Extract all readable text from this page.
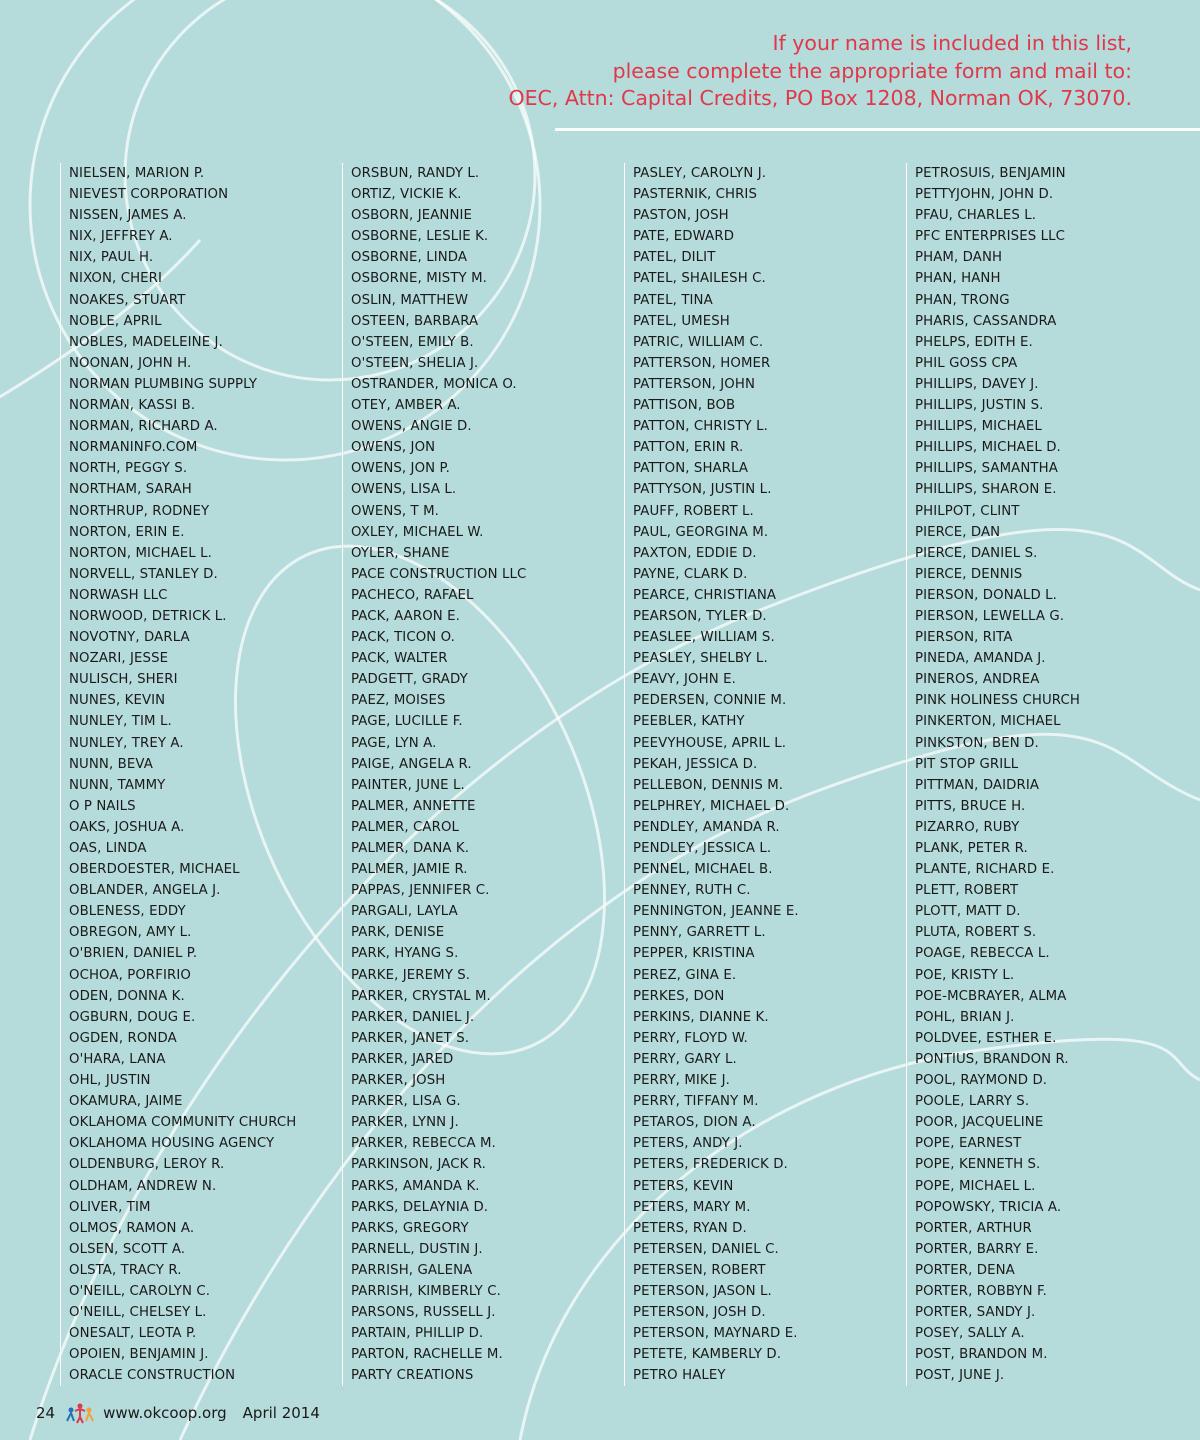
If your name is included in this list,
please complete the appropriate form and mail to:
OEC, Attn: Capital Credits, PO Box 1208, Norman OK, 73070.
NIELSEN, MARION P.
NIEVEST CORPORATION
NISSEN, JAMES A.
NIX, JEFFREY A.
NIX, PAUL H.
NIXON, CHERI
NOAKES, STUART
NOBLE, APRIL
NOBLES, MADELEINE J.
NOONAN, JOHN H.
NORMAN PLUMBING SUPPLY
NORMAN, KASSI B.
NORMAN, RICHARD A.
NORMANINFO.COM
NORTH, PEGGY S.
NORTHAM, SARAH
NORTHRUP, RODNEY
NORTON, ERIN E.
NORTON, MICHAEL L.
NORVELL, STANLEY D.
NORWASH LLC
NORWOOD, DETRICK L.
NOVOTNY, DARLA
NOZARI, JESSE
NULISCH, SHERI
NUNES, KEVIN
NUNLEY, TIM L.
NUNLEY, TREY A.
NUNN, BEVA
NUNN, TAMMY
O P NAILS
OAKS, JOSHUA A.
OAS, LINDA
OBERDOESTER, MICHAEL
OBLANDER, ANGELA J.
OBLENESS, EDDY
OBREGON, AMY L.
O'BRIEN, DANIEL P.
OCHOA, PORFIRIO
ODEN, DONNA K.
OGBURN, DOUG E.
OGDEN, RONDA
O'HARA, LANA
OHL, JUSTIN
OKAMURA, JAIME
OKLAHOMA COMMUNITY CHURCH
OKLAHOMA HOUSING AGENCY
OLDENBURG, LEROY R.
OLDHAM, ANDREW N.
OLIVER, TIM
OLMOS, RAMON A.
OLSEN, SCOTT A.
OLSTA, TRACY R.
O'NEILL, CAROLYN C.
O'NEILL, CHELSEY L.
ONESALT, LEOTA P.
OPOIEN, BENJAMIN J.
ORACLE CONSTRUCTION
ORSBUN, RANDY L.
ORTIZ, VICKIE K.
OSBORN, JEANNIE
OSBORNE, LESLIE K.
OSBORNE, LINDA
OSBORNE, MISTY M.
OSLIN, MATTHEW
OSTEEN, BARBARA
O'STEEN, EMILY B.
O'STEEN, SHELIA J.
OSTRANDER, MONICA O.
OTEY, AMBER A.
OWENS, ANGIE D.
OWENS, JON
OWENS, JON P.
OWENS, LISA L.
OWENS, T M.
OXLEY, MICHAEL W.
OYLER, SHANE
PACE CONSTRUCTION LLC
PACHECO, RAFAEL
PACK, AARON E.
PACK, TICON O.
PACK, WALTER
PADGETT, GRADY
PAEZ, MOISES
PAGE, LUCILLE F.
PAGE, LYN A.
PAIGE, ANGELA R.
PAINTER, JUNE L.
PALMER, ANNETTE
PALMER, CAROL
PALMER, DANA K.
PALMER, JAMIE R.
PAPPAS, JENNIFER C.
PARGALI, LAYLA
PARK, DENISE
PARK, HYANG S.
PARKE, JEREMY S.
PARKER, CRYSTAL M.
PARKER, DANIEL J.
PARKER, JANET S.
PARKER, JARED
PARKER, JOSH
PARKER, LISA G.
PARKER, LYNN J.
PARKER, REBECCA M.
PARKINSON, JACK R.
PARKS, AMANDA K.
PARKS, DELAYNIA D.
PARKS, GREGORY
PARNELL, DUSTIN J.
PARRISH, GALENA
PARRISH, KIMBERLY C.
PARSONS, RUSSELL J.
PARTAIN, PHILLIP D.
PARTON, RACHELLE M.
PARTY CREATIONS
PASLEY, CAROLYN J.
PASTERNIK, CHRIS
PASTON, JOSH
PATE, EDWARD
PATEL, DILIT
PATEL, SHAILESH C.
PATEL, TINA
PATEL, UMESH
PATRIC, WILLIAM C.
PATTERSON, HOMER
PATTERSON, JOHN
PATTISON, BOB
PATTON, CHRISTY L.
PATTON, ERIN R.
PATTON, SHARLA
PATTYSON, JUSTIN L.
PAUFF, ROBERT L.
PAUL, GEORGINA M.
PAXTON, EDDIE D.
PAYNE, CLARK D.
PEARCE, CHRISTIANA
PEARSON, TYLER D.
PEASLEE, WILLIAM S.
PEASLEY, SHELBY L.
PEAVY, JOHN E.
PEDERSEN, CONNIE M.
PEEBLER, KATHY
PEEVYHOUSE, APRIL L.
PEKAH, JESSICA D.
PELLEBON, DENNIS M.
PELPHREY, MICHAEL D.
PENDLEY, AMANDA R.
PENDLEY, JESSICA L.
PENNEL, MICHAEL B.
PENNEY, RUTH C.
PENNINGTON, JEANNE E.
PENNY, GARRETT L.
PEPPER, KRISTINA
PEREZ, GINA E.
PERKES, DON
PERKINS, DIANNE K.
PERRY, FLOYD W.
PERRY, GARY L.
PERRY, MIKE J.
PERRY, TIFFANY M.
PETAROS, DION A.
PETERS, ANDY J.
PETERS, FREDERICK D.
PETERS, KEVIN
PETERS, MARY M.
PETERS, RYAN D.
PETERSEN, DANIEL C.
PETERSEN, ROBERT
PETERSON, JASON L.
PETERSON, JOSH D.
PETERSON, MAYNARD E.
PETETE, KAMBERLY D.
PETRO HALEY
PETROSUIS, BENJAMIN
PETTYJOHN, JOHN D.
PFAU, CHARLES L.
PFC ENTERPRISES LLC
PHAM, DANH
PHAN, HANH
PHAN, TRONG
PHARIS, CASSANDRA
PHELPS, EDITH E.
PHIL GOSS CPA
PHILLIPS, DAVEY J.
PHILLIPS, JUSTIN S.
PHILLIPS, MICHAEL
PHILLIPS, MICHAEL D.
PHILLIPS, SAMANTHA
PHILLIPS, SHARON E.
PHILPOT, CLINT
PIERCE, DAN
PIERCE, DANIEL S.
PIERCE, DENNIS
PIERSON, DONALD L.
PIERSON, LEWELLA G.
PIERSON, RITA
PINEDA, AMANDA J.
PINEROS, ANDREA
PINK HOLINESS CHURCH
PINKERTON, MICHAEL
PINKSTON, BEN D.
PIT STOP GRILL
PITTMAN, DAIDRIA
PITTS, BRUCE H.
PIZARRO, RUBY
PLANK, PETER R.
PLANTE, RICHARD E.
PLETT, ROBERT
PLOTT, MATT D.
PLUTA, ROBERT S.
POAGE, REBECCA L.
POE, KRISTY L.
POE-MCBRAYER, ALMA
POHL, BRIAN J.
POLDVEE, ESTHER E.
PONTIUS, BRANDON R.
POOL, RAYMOND D.
POOLE, LARRY S.
POOR, JACQUELINE
POPE, EARNEST
POPE, KENNETH S.
POPE, MICHAEL L.
POPOWSKY, TRICIA A.
PORTER, ARTHUR
PORTER, BARRY E.
PORTER, DENA
PORTER, ROBBYN F.
PORTER, SANDY J.
POSEY, SALLY A.
POST, BRANDON M.
POST, JUNE J.
24	www.okcoop.org April 2014
